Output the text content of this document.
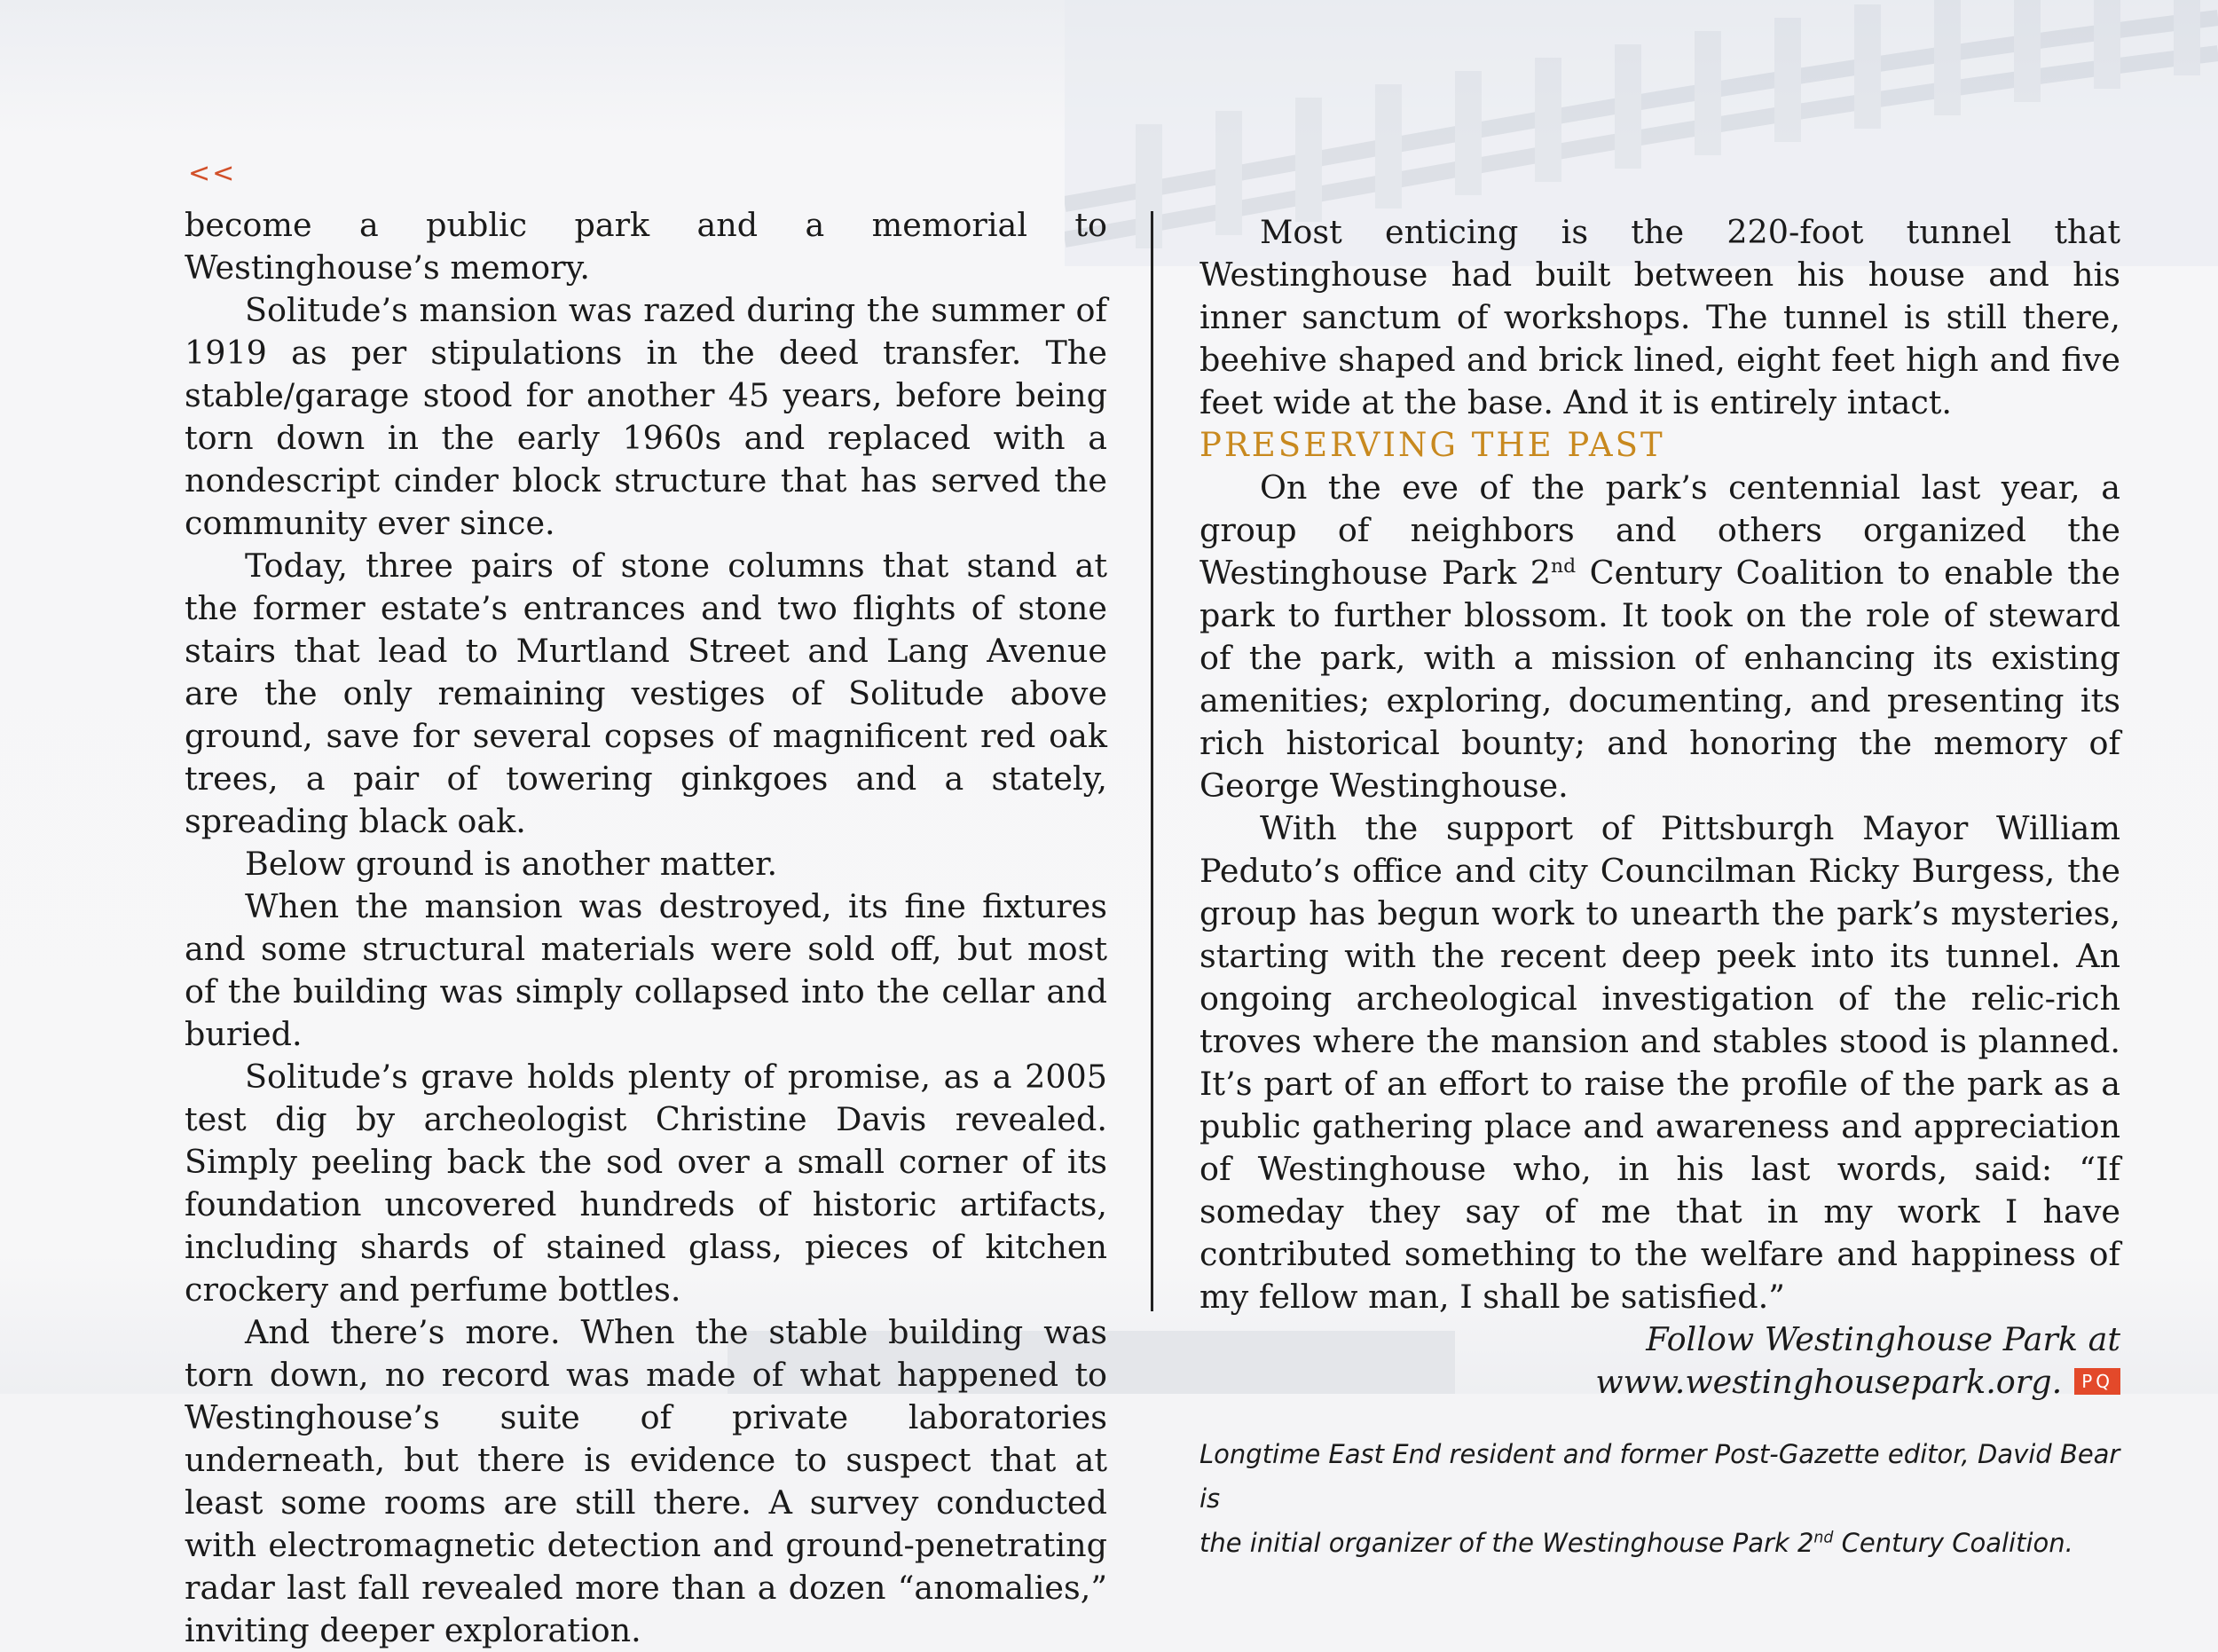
<<

become a public park and a memorial to Westinghouse’s memory.

Solitude’s mansion was razed during the summer of 1919 as per stipulations in the deed transfer. The stable/garage stood for another 45 years, before being torn down in the early 1960s and replaced with a nondescript cinder block structure that has served the community ever since.

Today, three pairs of stone columns that stand at the former estate’s entrances and two flights of stone stairs that lead to Murtland Street and Lang Avenue are the only remaining vestiges of Solitude above ground, save for several copses of magnificent red oak trees, a pair of towering ginkgoes and a stately, spreading black oak.

Below ground is another matter.

When the mansion was destroyed, its fine fixtures and some structural materials were sold off, but most of the building was simply collapsed into the cellar and buried.

Solitude’s grave holds plenty of promise, as a 2005 test dig by archeologist Christine Davis revealed. Simply peeling back the sod over a small corner of its foundation uncovered hundreds of historic artifacts, including shards of stained glass, pieces of kitchen crockery and perfume bottles.

And there’s more. When the stable building was torn down, no record was made of what happened to Westinghouse’s suite of private laboratories underneath, but there is evidence to suspect that at least some rooms are still there. A survey conducted with electromagnetic detection and ground-penetrating radar last fall revealed more than a dozen “anomalies,” inviting deeper exploration.

Most enticing is the 220-foot tunnel that Westinghouse had built between his house and his inner sanctum of workshops. The tunnel is still there, beehive shaped and brick lined, eight feet high and five feet wide at the base. And it is entirely intact.

PRESERVING THE PAST

On the eve of the park’s centennial last year, a group of neighbors and others organized the Westinghouse Park 2nd Century Coalition to enable the park to further blossom. It took on the role of steward of the park, with a mission of enhancing its existing amenities; exploring, documenting, and presenting its rich historical bounty; and honoring the memory of George Westinghouse.

With the support of Pittsburgh Mayor William Peduto’s office and city Councilman Ricky Burgess, the group has begun work to unearth the park’s mysteries, starting with the recent deep peek into its tunnel. An ongoing archeological investigation of the relic-rich troves where the mansion and stables stood is planned. It’s part of an effort to raise the profile of the park as a public gathering place and awareness and appreciation of Westinghouse who, in his last words, said: “If someday they say of me that in my work I have contributed something to the welfare and happiness of my fellow man, I shall be satisfied.”

Follow Westinghouse Park at www.westinghousepark.org. PQ

Longtime East End resident and former Post-Gazette editor, David Bear is
the initial organizer of the Westinghouse Park 2nd Century Coalition.
